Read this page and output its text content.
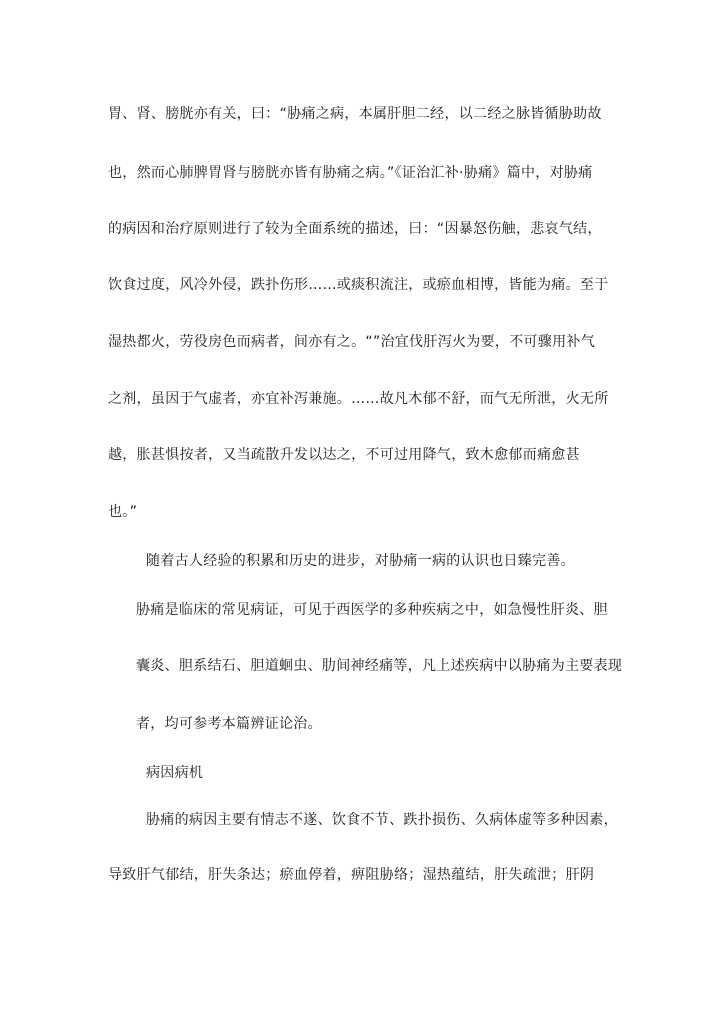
胃、肾、膀胱亦有关，曰：“胁痛之病，本属肝胆二经，以二经之脉皆循胁助故
也，然而心肺脾胃肾与膀胱亦皆有胁痛之病。”《证治汇补·胁痛》篇中，对胁痛
的病因和治疗原则进行了较为全面系统的描述，曰：“因暴怒伤触，悲哀气结，
饮食过度，风冷外侵，跌扑伤形……或痰积流注，或瘀血相博，皆能为痛。至于
湿热都火，劳役房色而病者，间亦有之。“”治宜伐肝泻火为要，不可骤用补气
之剂，虽因于气虚者，亦宜补泻兼施。……故凡木郁不舒，而气无所泄，火无所
越，胀甚惧按者，又当疏散升发以达之，不可过用降气，致木愈郁而痛愈甚
也。”
随着古人经验的积累和历史的进步，对胁痛一病的认识也日臻完善。
胁痛是临床的常见病证，可见于西医学的多种疾病之中，如急慢性肝炎、胆
囊炎、胆系结石、胆道蛔虫、肋间神经痛等，凡上述疾病中以胁痛为主要表现
者，均可参考本篇辨证论治。
病因病机
胁痛的病因主要有情志不遂、饮食不节、跌扑损伤、久病体虚等多种因素，
导致肝气郁结，肝失条达；瘀血停着，痹阻胁络；湿热蕴结，肝失疏泄；肝阴
